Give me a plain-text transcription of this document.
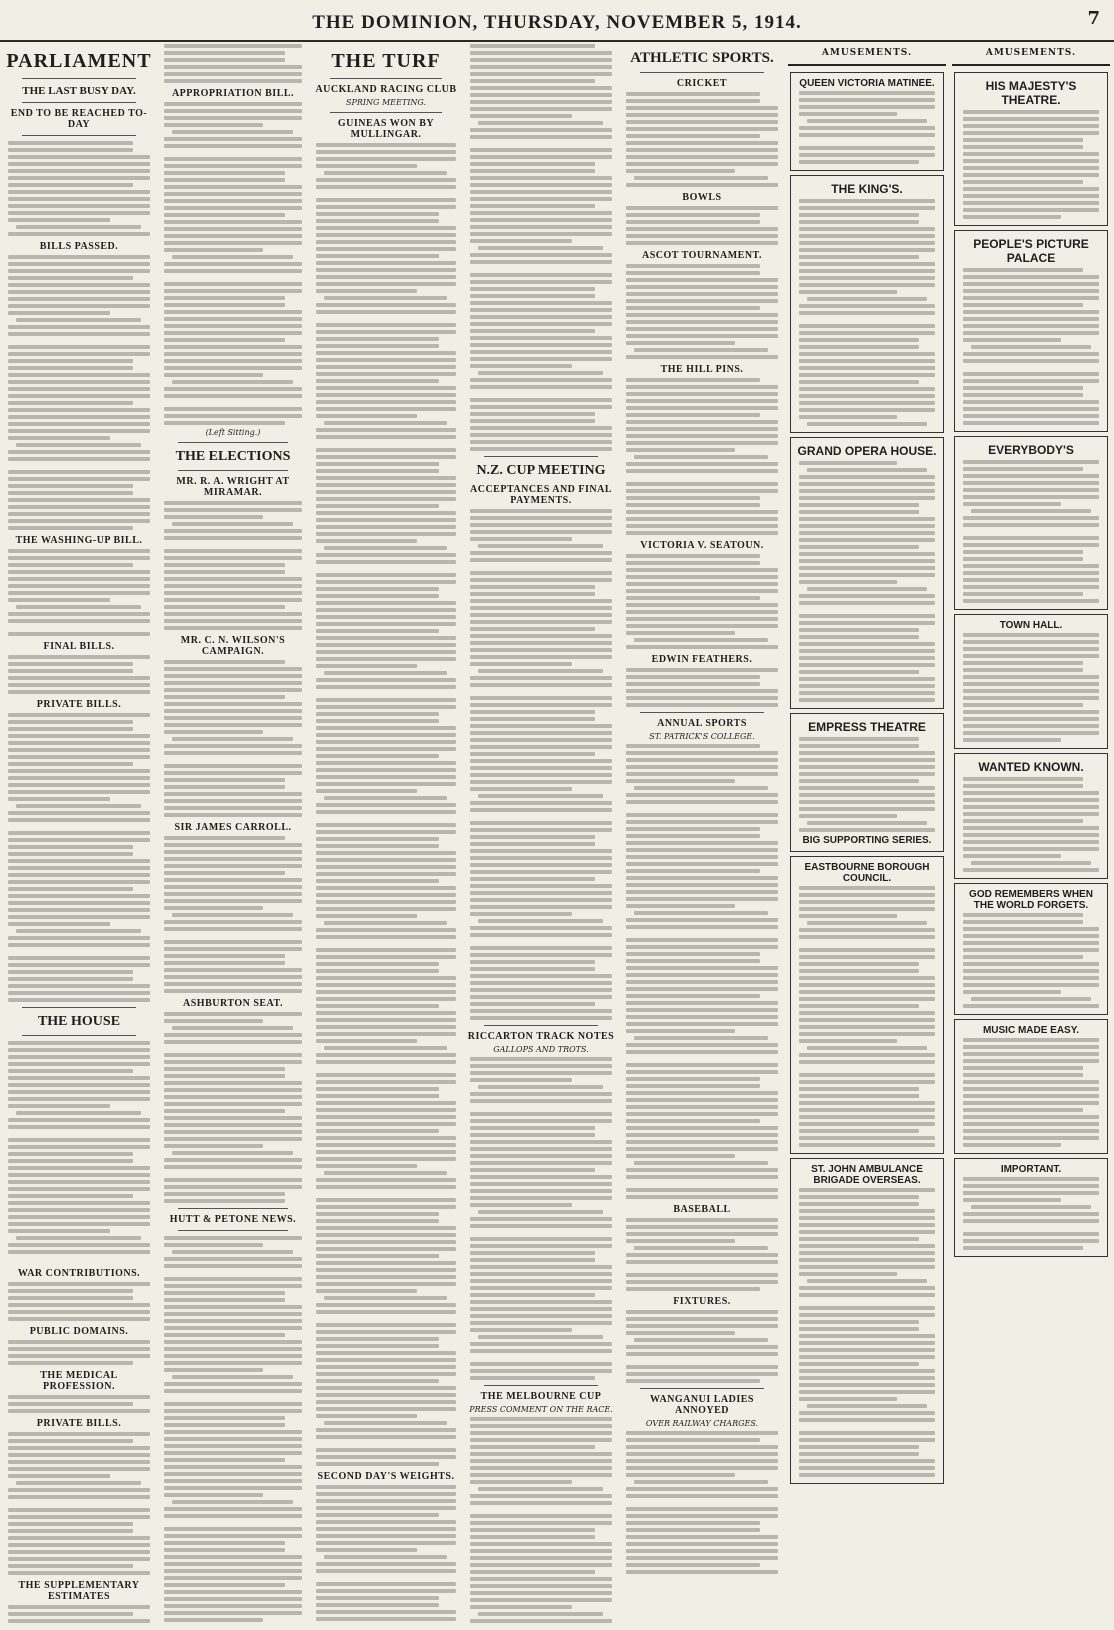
THE DOMINION, THURSDAY, NOVEMBER 5, 1914.	7
PARLIAMENT
THE LAST BUSY DAY.
END TO BE REACHED TO-DAY
BILLS PASSED.
THE WASHING-UP BILL.
FINAL BILLS.
PRIVATE BILLS.
THE HOUSE
WAR CONTRIBUTIONS.
PUBLIC DOMAINS.
THE MEDICAL PROFESSION.
PRIVATE BILLS.
THE SUPPLEMENTARY ESTIMATES
APPROPRIATION BILL.
(Left Sitting.)
THE ELECTIONS
MR. R. A. WRIGHT AT MIRAMAR.
MR. C. N. WILSON'S CAMPAIGN.
SIR JAMES CARROLL.
ASHBURTON SEAT.
HUTT & PETONE NEWS.
THE TURF
AUCKLAND RACING CLUB
SPRING MEETING.
GUINEAS WON BY MULLINGAR.
SECOND DAY'S WEIGHTS.
N.Z. CUP MEETING
ACCEPTANCES AND FINAL PAYMENTS.
RICCARTON TRACK NOTES
GALLOPS AND TROTS.
THE MELBOURNE CUP
PRESS COMMENT ON THE RACE.
ATHLETIC SPORTS.
CRICKET
BOWLS
ASCOT TOURNAMENT.
THE HILL PINS.
VICTORIA V. SEATOUN.
EDWIN FEATHERS.
ANNUAL SPORTS
ST. PATRICK'S COLLEGE.
BASEBALL
FIXTURES.
WANGANUI LADIES ANNOYED
OVER RAILWAY CHARGES.
AMUSEMENTS.
QUEEN VICTORIA MATINEE.
THE KING'S.
GRAND OPERA HOUSE.
EMPRESS THEATRE
BIG SUPPORTING SERIES.
EASTBOURNE BOROUGH COUNCIL.
ST. JOHN AMBULANCE BRIGADE OVERSEAS.
AMUSEMENTS.
HIS MAJESTY'S THEATRE.
PEOPLE'S PICTURE PALACE
EVERYBODY'S
TOWN HALL.
WANTED KNOWN.
GOD REMEMBERS WHEN THE WORLD FORGETS.
MUSIC MADE EASY.
IMPORTANT.
